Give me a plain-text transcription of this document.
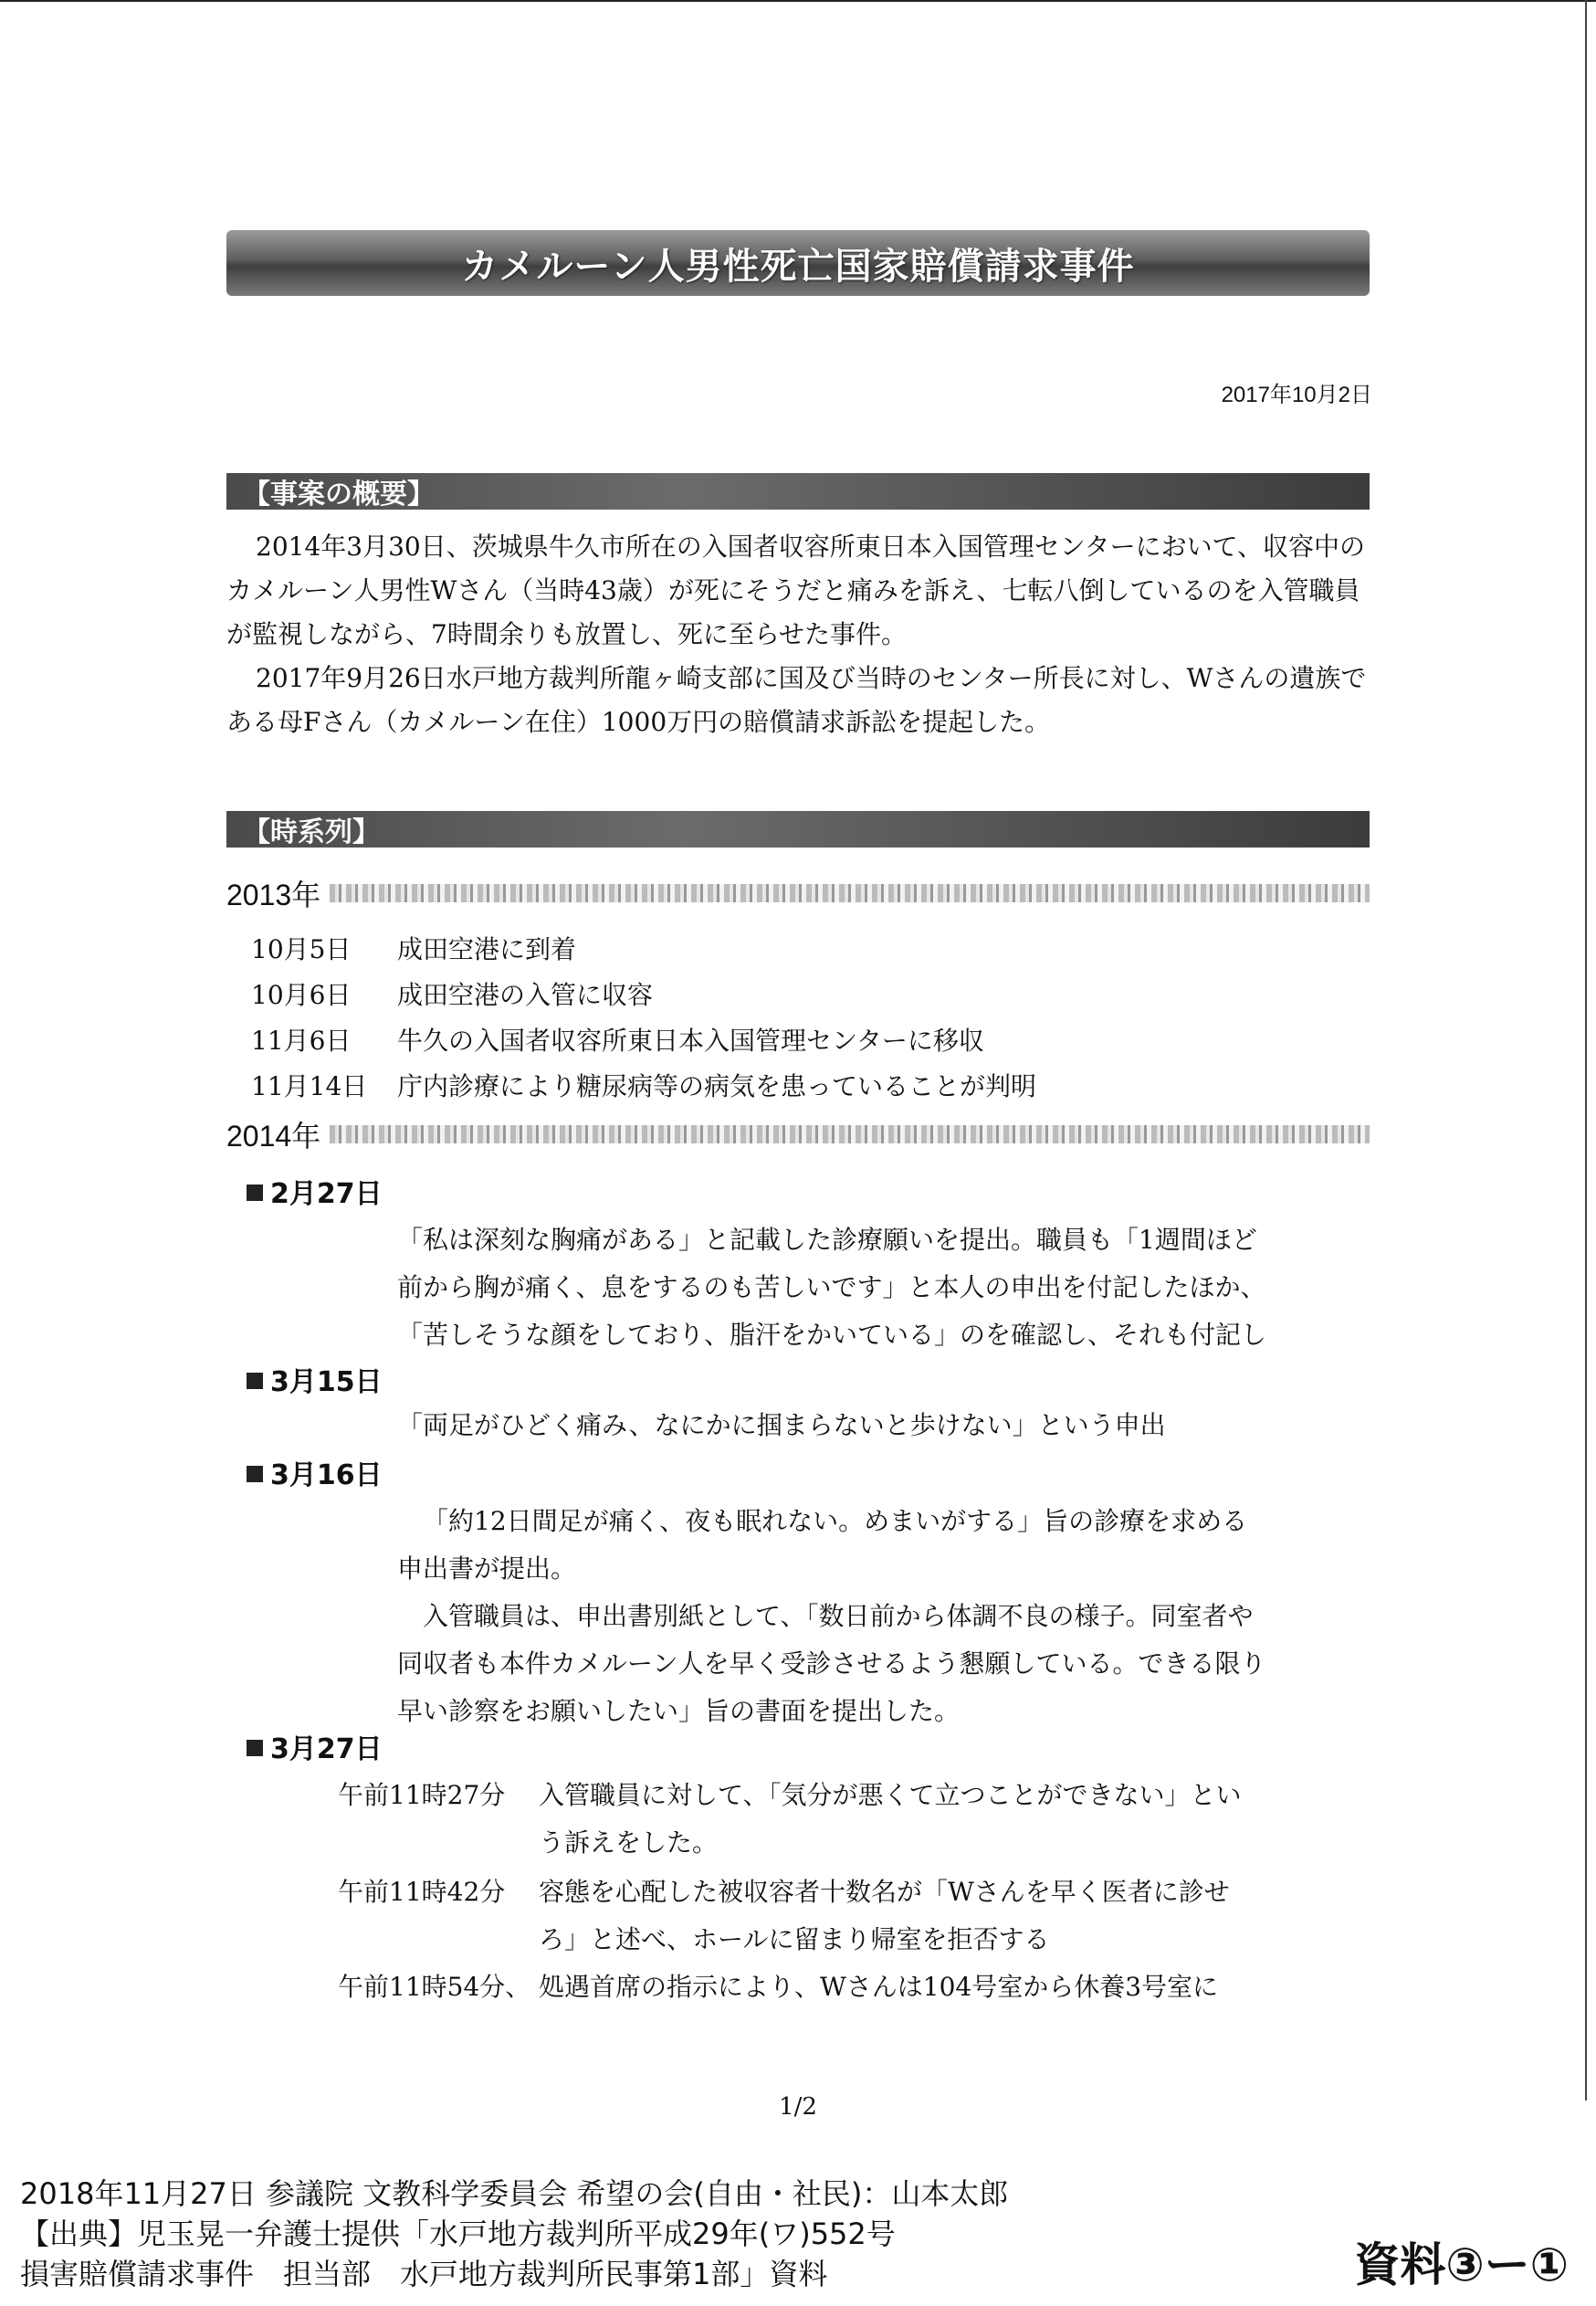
カメルーン人男性死亡国家賠償請求事件
2017年10月2日
【事案の概要】
2014年3月30日、茨城県牛久市所在の入国者収容所東日本入国管理センターにおいて、収容中のカメルーン人男性Wさん（当時43歳）が死にそうだと痛みを訴え、七転八倒しているのを入管職員が監視しながら、7時間余りも放置し、死に至らせた事件。
2017年9月26日水戸地方裁判所龍ヶ崎支部に国及び当時のセンター所長に対し、Wさんの遺族である母Fさん（カメルーン在住）1000万円の賠償請求訴訟を提起した。
【時系列】
2013年
10月5日 成田空港に到着
10月6日 成田空港の入管に収容
11月6日 牛久の入国者収容所東日本入国管理センターに移収
11月14日 庁内診療により糖尿病等の病気を患っていることが判明
2014年
2月27日
「私は深刻な胸痛がある」と記載した診療願いを提出。職員も「1週間ほど
前から胸が痛く、息をするのも苦しいです」と本人の申出を付記したほか、
「苦しそうな顔をしており、脂汗をかいている」のを確認し、それも付記し
3月15日
「両足がひどく痛み、なにかに掴まらないと歩けない」という申出
3月16日
「約12日間足が痛く、夜も眠れない。めまいがする」旨の診療を求める
申出書が提出。
入管職員は、申出書別紙として、「数日前から体調不良の様子。同室者や
同収者も本件カメルーン人を早く受診させるよう懇願している。できる限り
早い診察をお願いしたい」旨の書面を提出した。
3月27日
午前11時27分 入管職員に対して、「気分が悪くて立つことができない」とい
う訴えをした。
午前11時42分 容態を心配した被収容者十数名が「Wさんを早く医者に診せ
ろ」と述べ、ホールに留まり帰室を拒否する
午前11時54分、 処遇首席の指示により、Wさんは104号室から休養3号室に
1/2
2018年11月27日 参議院 文教科学委員会 希望の会(自由・社民)：山本太郎
【出典】児玉晃一弁護士提供「水戸地方裁判所平成29年(ワ)552号
損害賠償請求事件　担当部　水戸地方裁判所民事第1部」資料	資料③ー①
